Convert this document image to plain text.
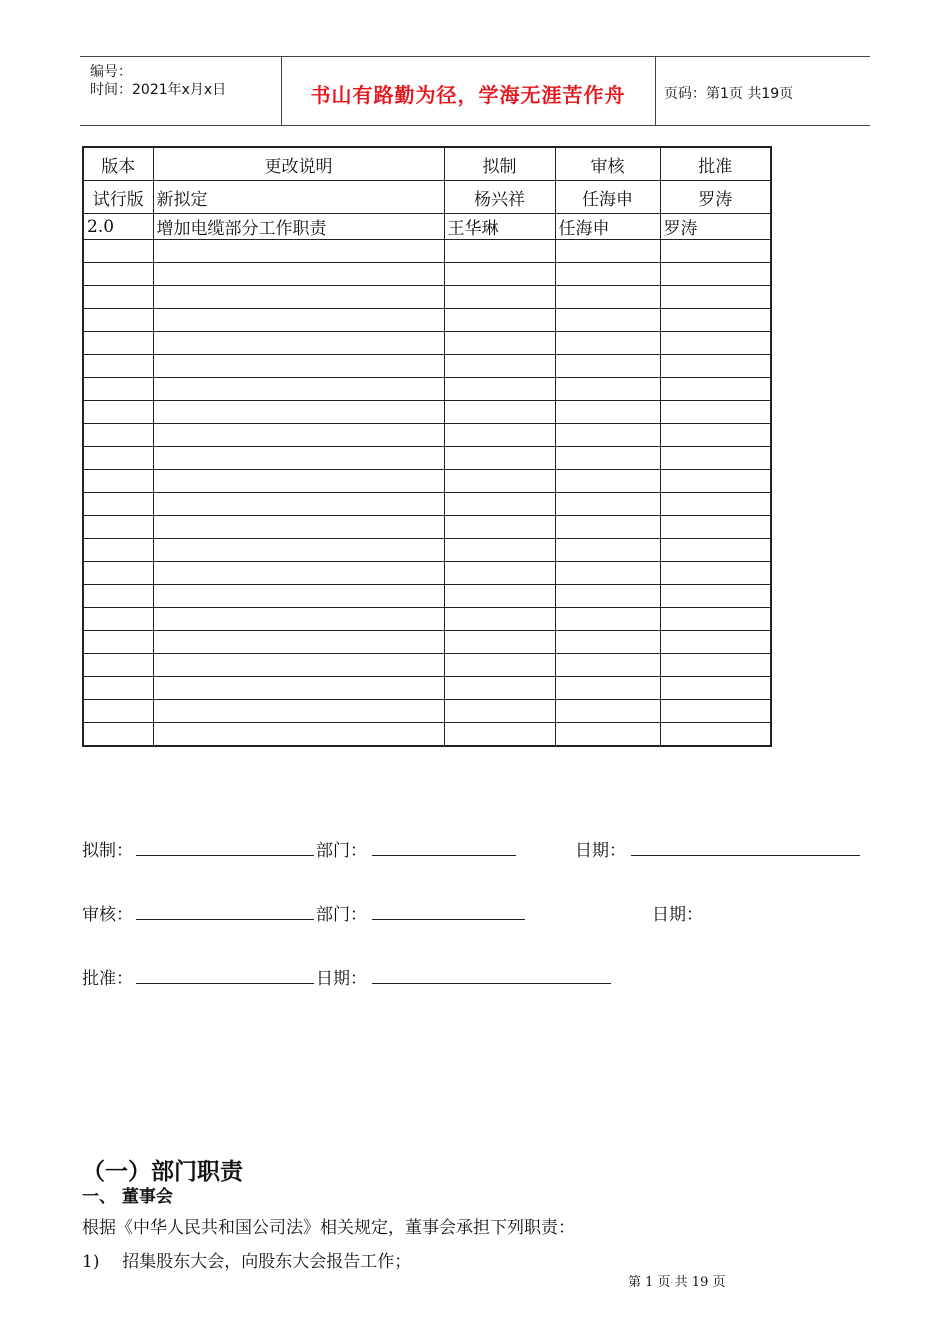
编号：
时间：2021年x月x日	书山有路勤为径，学海无涯苦作舟	页码：第1页 共19页
版本	更改说明	拟制	审核	批准
试行版	新拟定	杨兴祥	任海申	罗涛
2.0	增加电缆部分工作职责	王华琳	任海申	罗涛

拟制：	部门：	日期：
审核：	部门：	日期：
批准：	日期：
（一）部门职责
一、 董事会
根据《中华人民共和国公司法》相关规定，董事会承担下列职责：
1) 招集股东大会，向股东大会报告工作；
第 1 页 共 19 页
